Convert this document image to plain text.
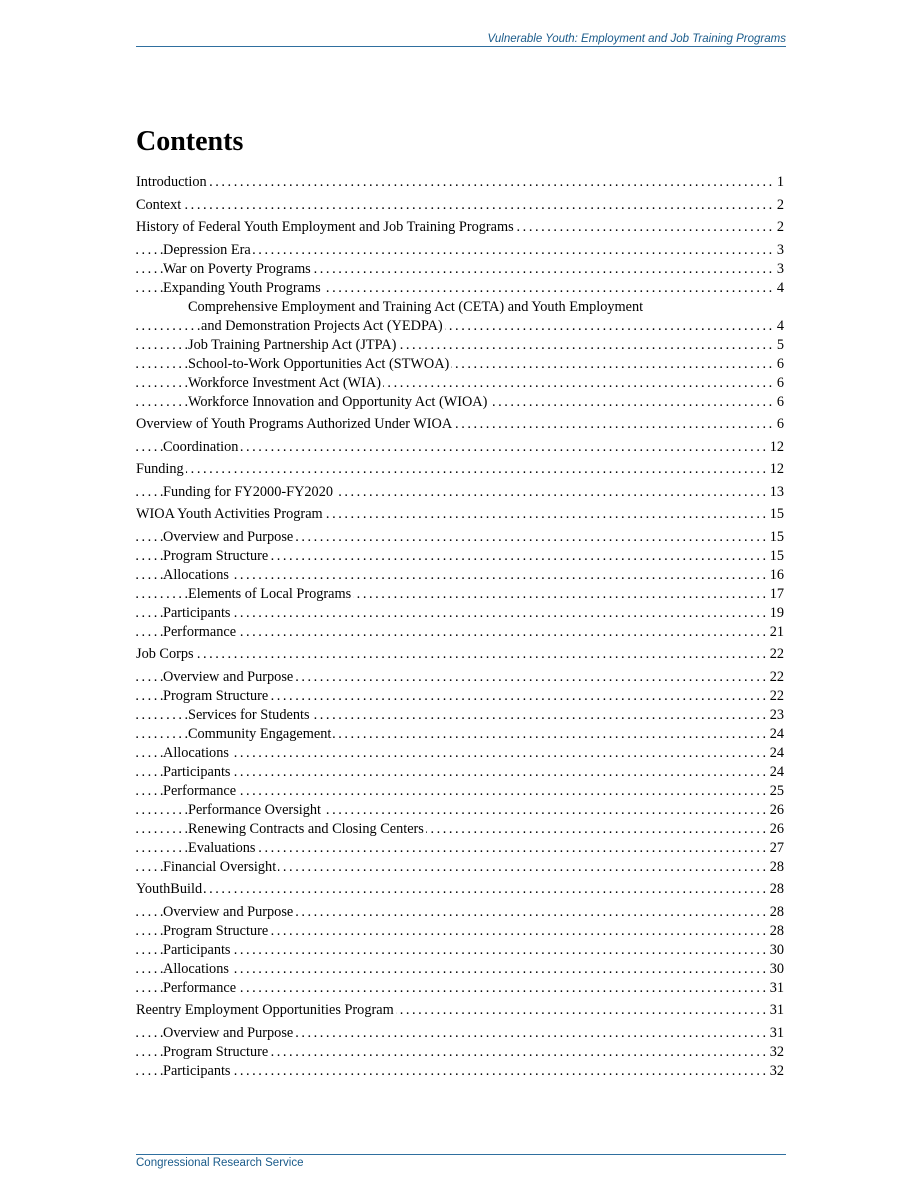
Vulnerable Youth: Employment and Job Training Programs
Contents
Introduction	1
. . .
Context	2
. . .
History of Federal Youth Employment and Job Training Programs	2
. . .
Depression Era	3
. . .
War on Poverty Programs	3
. . .
Expanding Youth Programs	4
. . .
Comprehensive Employment and Training Act (CETA) and Youth Employment
and Demonstration Projects Act (YEDPA)	4
. . .
Job Training Partnership Act (JTPA)	5
. . .
School-to-Work Opportunities Act (STWOA)	6
. . .
Workforce Investment Act (WIA)	6
. . .
Workforce Innovation and Opportunity Act (WIOA)	6
. . .
Overview of Youth Programs Authorized Under WIOA	6
. . .
Coordination	12
. . .
Funding	12
. . .
Funding for FY2000-FY2020	13
. . .
WIOA Youth Activities Program	15
. . .
Overview and Purpose	15
. . .
Program Structure	15
. . .
Allocations	16
. . .
Elements of Local Programs	17
. . .
Participants	19
. . .
Performance	21
. . .
Job Corps	22
. . .
Overview and Purpose	22
. . .
Program Structure	22
. . .
Services for Students	23
. . .
Community Engagement	24
. . .
Allocations	24
. . .
Participants	24
. . .
Performance	25
. . .
Performance Oversight	26
. . .
Renewing Contracts and Closing Centers	26
. . .
Evaluations	27
. . .
Financial Oversight	28
. . .
YouthBuild	28
. . .
Overview and Purpose	28
. . .
Program Structure	28
. . .
Participants	30
. . .
Allocations	30
. . .
Performance	31
. . .
Reentry Employment Opportunities Program	31
. . .
Overview and Purpose	31
. . .
Program Structure	32
. . .
Participants	32
. . .
Congressional Research Service
